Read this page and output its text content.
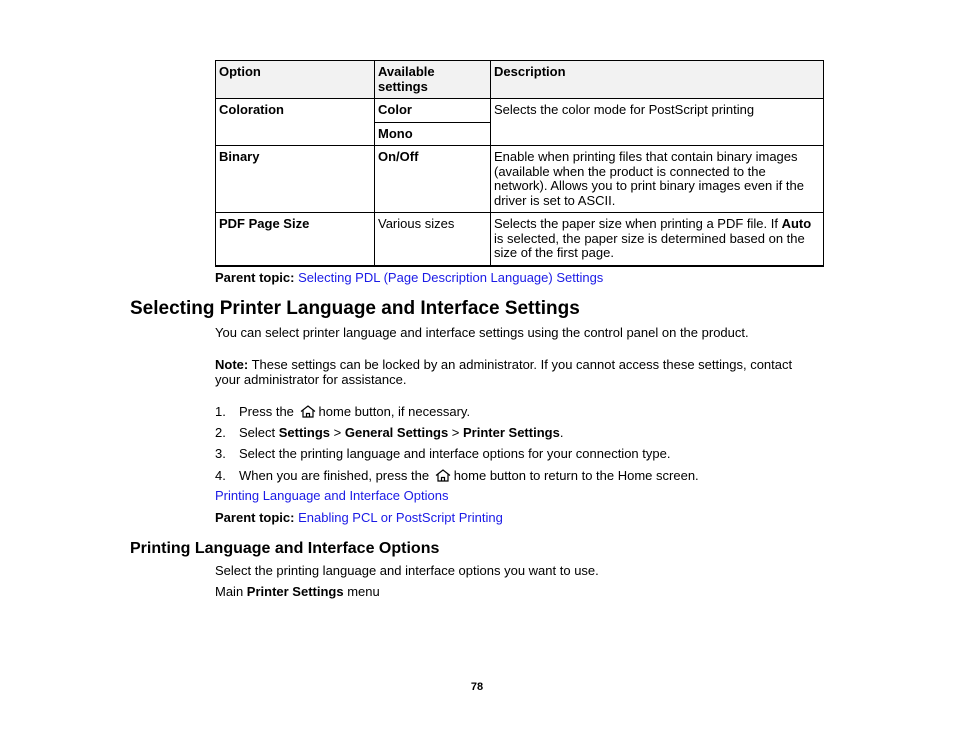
Option	Available settings	Description
Coloration	Color	Selects the color mode for PostScript printing
	Mono	
Binary	On/Off	Enable when printing files that contain binary images (available when the product is connected to the network). Allows you to print binary images even if the driver is set to ASCII.
PDF Page Size	Various sizes	Selects the paper size when printing a PDF file. If Auto is selected, the paper size is determined based on the size of the first page.
Parent topic: Selecting PDL (Page Description Language) Settings
Selecting Printer Language and Interface Settings
You can select printer language and interface settings using the control panel on the product.
Note: These settings can be locked by an administrator. If you cannot access these settings, contact your administrator for assistance.
1. Press the home button, if necessary.
2. Select Settings > General Settings > Printer Settings.
3. Select the printing language and interface options for your connection type.
4. When you are finished, press the home button to return to the Home screen.
Printing Language and Interface Options
Parent topic: Enabling PCL or PostScript Printing
Printing Language and Interface Options
Select the printing language and interface options you want to use.
Main Printer Settings menu
78
